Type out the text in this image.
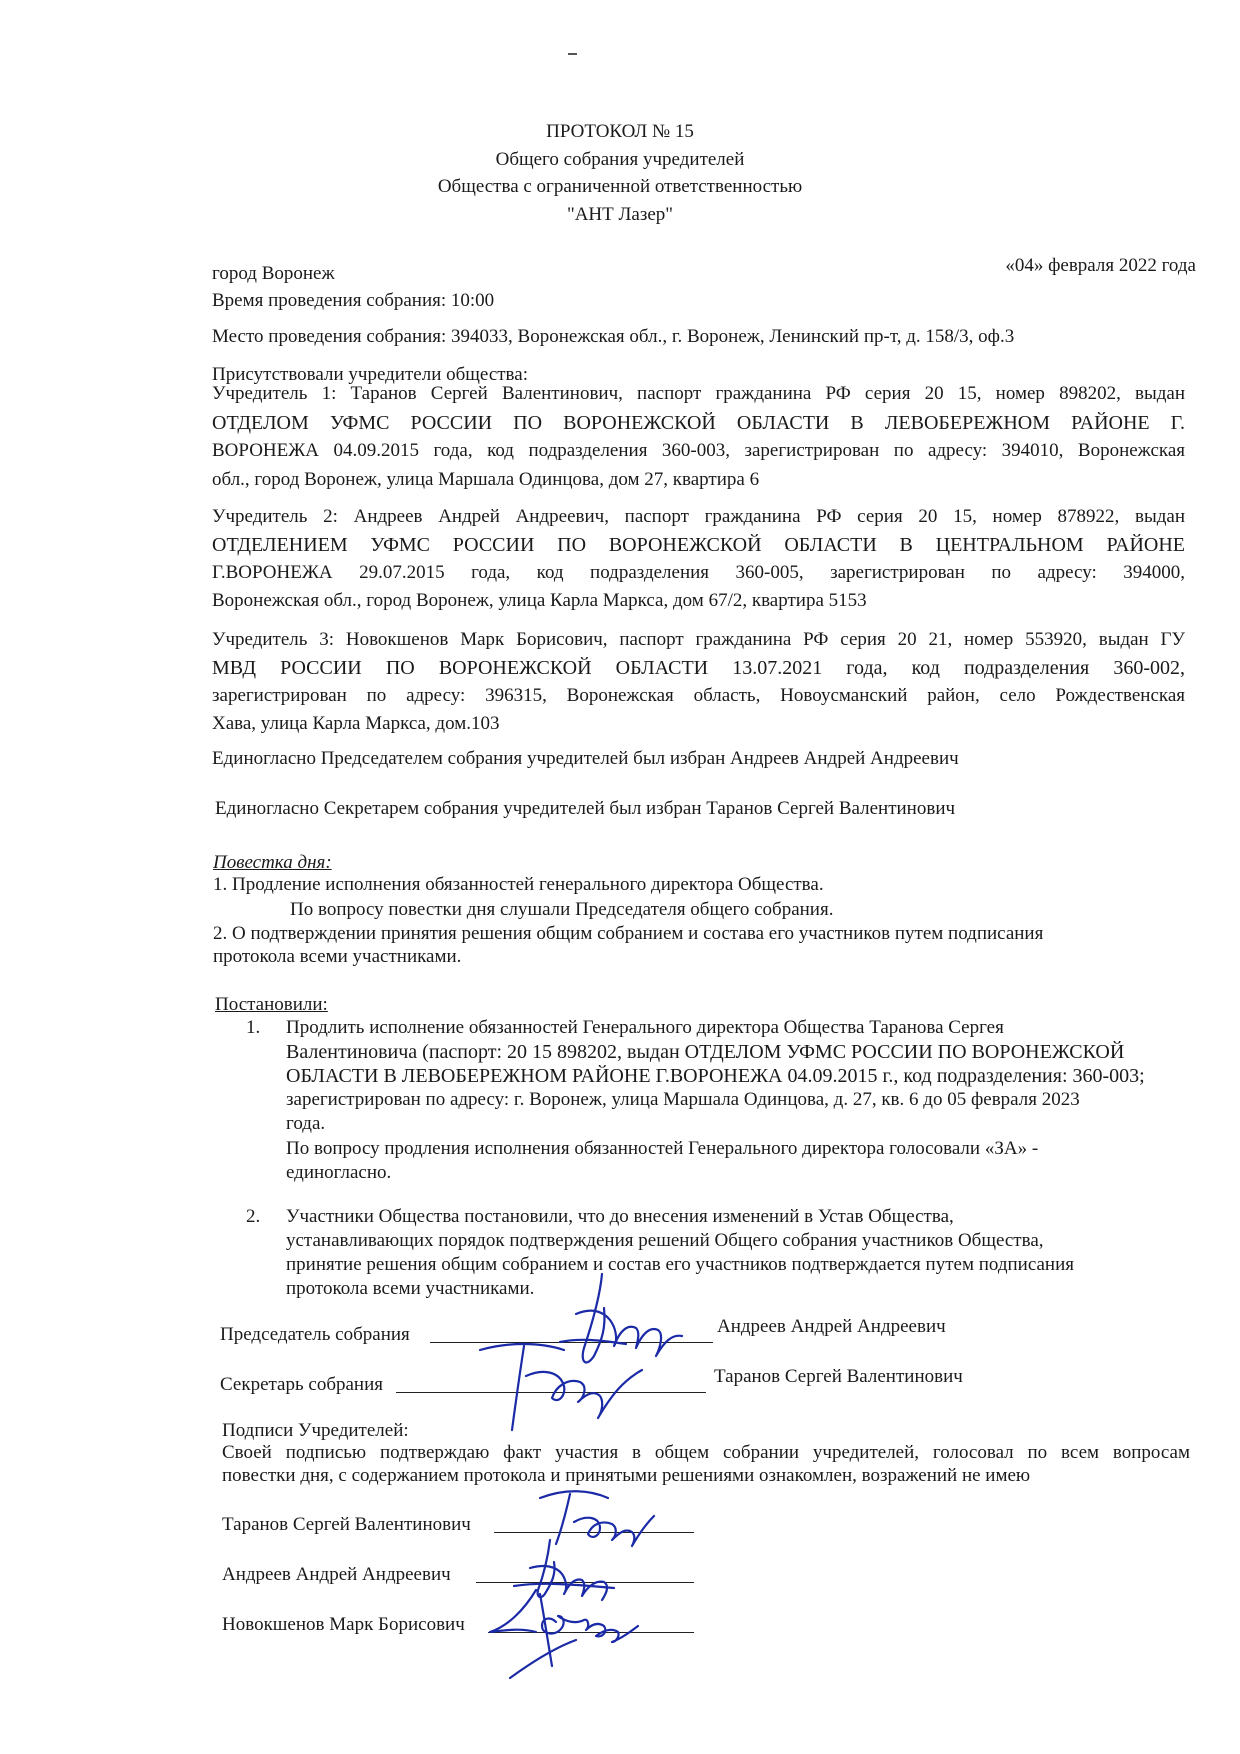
ПРОТОКОЛ № 15
Общего собрания учредителей
Общества с ограниченной ответственностью
"АНТ Лазер"
город Воронеж	«04» февраля 2022 года
Время проведения собрания: 10:00
Место проведения собрания: 394033, Воронежская обл., г. Воронеж, Ленинский пр-т, д. 158/3, оф.3
Присутствовали учредители общества:
Учредитель 1: Таранов Сергей Валентинович, паспорт гражданина РФ серия 20 15, номер 898202, выдан
ОТДЕЛОМ УФМС РОССИИ ПО ВОРОНЕЖСКОЙ ОБЛАСТИ В ЛЕВОБЕРЕЖНОМ РАЙОНЕ Г.
ВОРОНЕЖА 04.09.2015 года, код подразделения 360-003, зарегистрирован по адресу: 394010, Воронежская
обл., город Воронеж, улица Маршала Одинцова, дом 27, квартира 6
Учредитель 2: Андреев Андрей Андреевич, паспорт гражданина РФ серия 20 15, номер 878922, выдан
ОТДЕЛЕНИЕМ УФМС РОССИИ ПО ВОРОНЕЖСКОЙ ОБЛАСТИ В ЦЕНТРАЛЬНОМ РАЙОНЕ
Г.ВОРОНЕЖА 29.07.2015 года, код подразделения 360-005, зарегистрирован по адресу: 394000,
Воронежская обл., город Воронеж, улица Карла Маркса, дом 67/2, квартира 5153
Учредитель 3: Новокшенов Марк Борисович, паспорт гражданина РФ серия 20 21, номер 553920, выдан ГУ
МВД РОССИИ ПО ВОРОНЕЖСКОЙ ОБЛАСТИ 13.07.2021 года, код подразделения 360-002,
зарегистрирован по адресу: 396315, Воронежская область, Новоусманский район, село Рождественская
Хава, улица Карла Маркса, дом.103
Единогласно Председателем собрания учредителей был избран Андреев Андрей Андреевич
Единогласно Секретарем собрания учредителей был избран Таранов Сергей Валентинович
Повестка дня:
1. Продление исполнения обязанностей генерального директора Общества.
По вопросу повестки дня слушали Председателя общего собрания.
2. О подтверждении принятия решения общим собранием и состава его участников путем подписания
протокола всеми участниками.
Постановили:
1. Продлить исполнение обязанностей Генерального директора Общества Таранова Сергея
Валентиновича (паспорт: 20 15 898202, выдан ОТДЕЛОМ УФМС РОССИИ ПО ВОРОНЕЖСКОЙ
ОБЛАСТИ В ЛЕВОБЕРЕЖНОМ РАЙОНЕ Г.ВОРОНЕЖА 04.09.2015 г., код подразделения: 360-003;
зарегистрирован по адресу: г. Воронеж, улица Маршала Одинцова, д. 27, кв. 6 до 05 февраля 2023
года.
По вопросу продления исполнения обязанностей Генерального директора голосовали «ЗА» -
единогласно.
2. Участники Общества постановили, что до внесения изменений в Устав Общества,
устанавливающих порядок подтверждения решений Общего собрания участников Общества,
принятие решения общим собранием и состав его участников подтверждается путем подписания
протокола всеми участниками.
Председатель собрания	Андреев Андрей Андреевич
Секретарь собрания	Таранов Сергей Валентинович
Подписи Учредителей:
Своей подписью подтверждаю факт участия в общем собрании учредителей, голосовал по всем вопросам
повестки дня, с содержанием протокола и принятыми решениями ознакомлен, возражений не имею
Таранов Сергей Валентинович
Андреев Андрей Андреевич
Новокшенов Марк Борисович
